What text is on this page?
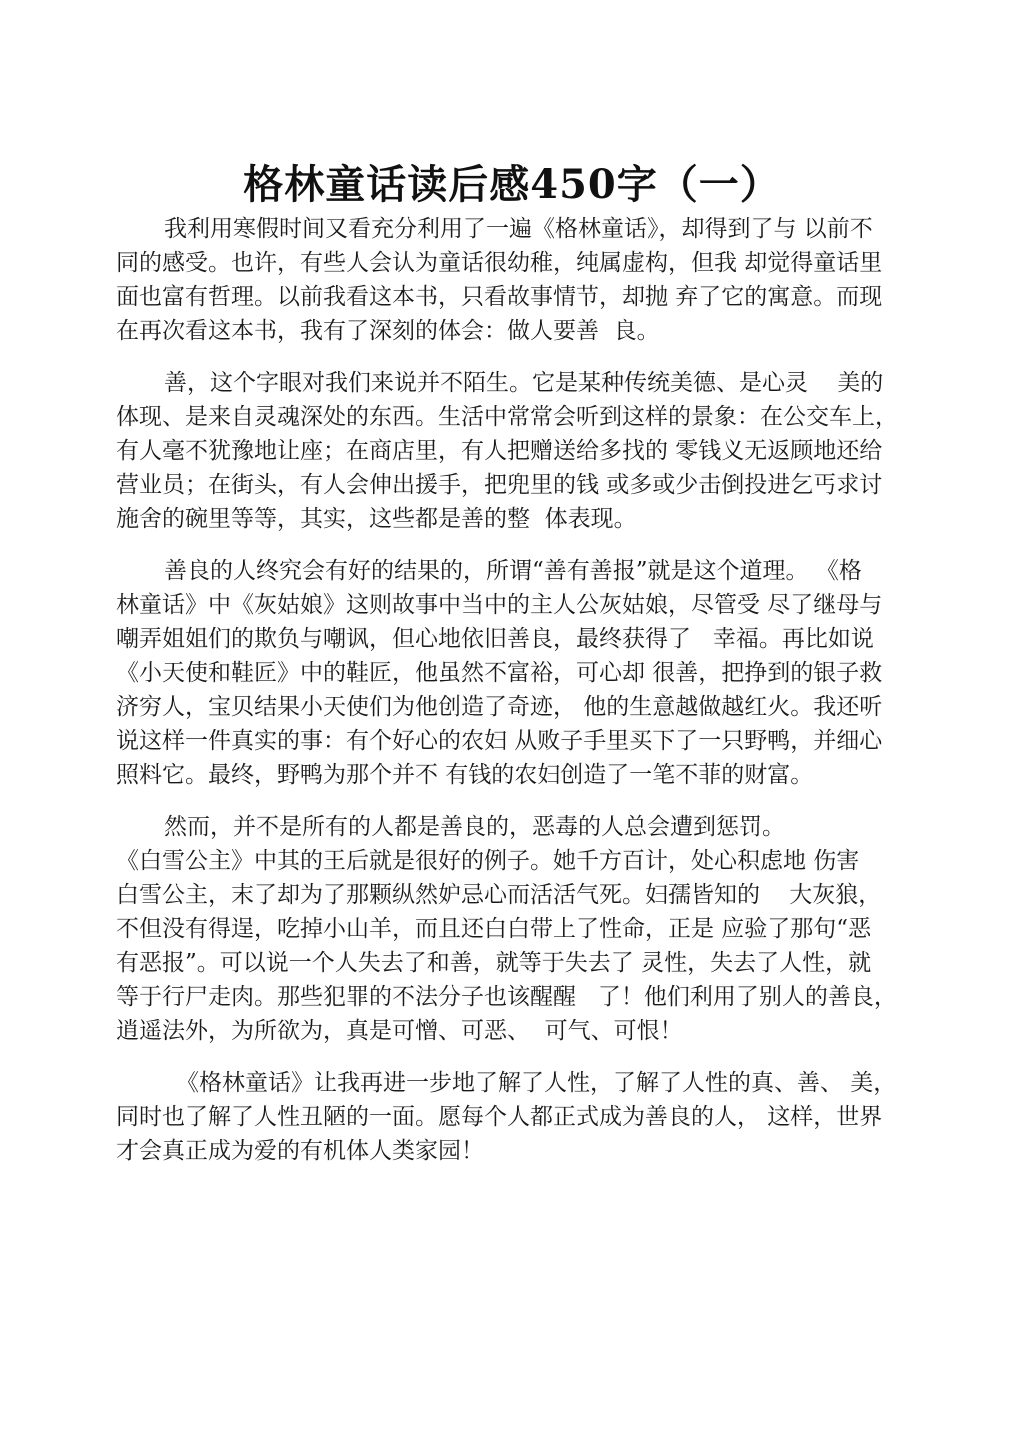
格林童话读后感450字（一）
我利用寒假时间又看充分利用了一遍《格林童话》，却得到了与 以前不
同的感受。也许，有些人会认为童话很幼稚，纯属虚构，但我 却觉得童话里
面也富有哲理。以前我看这本书，只看故事情节，却抛 弃了它的寓意。而现
在再次看这本书，我有了深刻的体会：做人要善  良。
善，这个字眼对我们来说并不陌生。它是某种传统美德、是心灵    美的
体现、是来自灵魂深处的东西。生活中常常会听到这样的景象：在公交车上，
有人毫不犹豫地让座；在商店里，有人把赠送给多找的 零钱义无返顾地还给
营业员；在街头，有人会伸出援手，把兜里的钱 或多或少击倒投进乞丐求讨
施舍的碗里等等，其实，这些都是善的整  体表现。
善良的人终究会有好的结果的，所谓“善有善报”就是这个道理。 《格
林童话》中《灰姑娘》这则故事中当中的主人公灰姑娘，尽管受 尽了继母与
嘲弄姐姐们的欺负与嘲讽，但心地依旧善良，最终获得了   幸福。再比如说
《小天使和鞋匠》中的鞋匠，他虽然不富裕，可心却 很善，把挣到的银子救
济穷人，宝贝结果小天使们为他创造了奇迹， 他的生意越做越红火。我还听
说这样一件真实的事：有个好心的农妇 从败子手里买下了一只野鸭，并细心
照料它。最终，野鸭为那个并不 有钱的农妇创造了一笔不菲的财富。
然而，并不是所有的人都是善良的，恶毒的人总会遭到惩罚。
《白雪公主》中其的王后就是很好的例子。她千方百计，处心积虑地 伤害
白雪公主，末了却为了那颗纵然妒忌心而活活气死。妇孺皆知的    大灰狼，
不但没有得逞，吃掉小山羊，而且还白白带上了性命，正是 应验了那句“恶
有恶报”。可以说一个人失去了和善，就等于失去了 灵性，失去了人性，就
等于行尸走肉。那些犯罪的不法分子也该醒醒   了！他们利用了别人的善良，
逍遥法外，为所欲为，真是可憎、可恶、  可气、可恨！
《格林童话》让我再进一步地了解了人性，了解了人性的真、善、 美，
同时也了解了人性丑陋的一面。愿每个人都正式成为善良的人， 这样，世界
才会真正成为爱的有机体人类家园！
